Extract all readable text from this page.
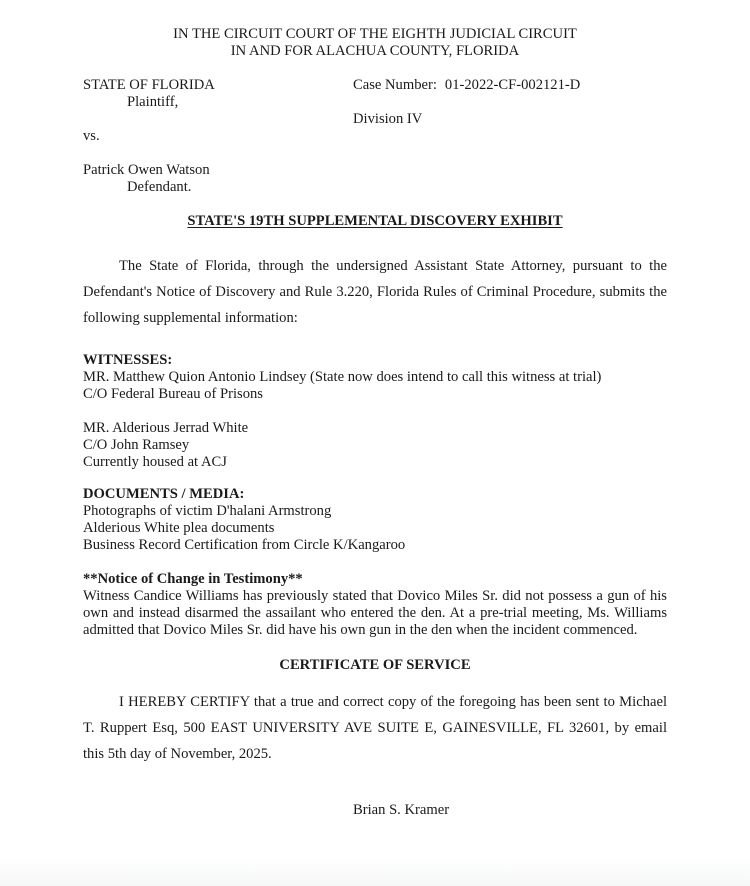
IN THE CIRCUIT COURT OF THE EIGHTH JUDICIAL CIRCUIT
IN AND FOR ALACHUA COUNTY, FLORIDA
STATE OF FLORIDA
Plaintiff,
vs.
Patrick Owen Watson
Defendant.
Case Number: 01-2022-CF-002121-D
Division IV
STATE'S 19TH SUPPLEMENTAL DISCOVERY EXHIBIT
The State of Florida, through the undersigned Assistant State Attorney, pursuant to the Defendant's Notice of Discovery and Rule 3.220, Florida Rules of Criminal Procedure, submits the following supplemental information:
WITNESSES:
MR. Matthew Quion Antonio Lindsey (State now does intend to call this witness at trial)
C/O Federal Bureau of Prisons
MR. Alderious Jerrad White
C/O John Ramsey
Currently housed at ACJ
DOCUMENTS / MEDIA:
Photographs of victim D'halani Armstrong
Alderious White plea documents
Business Record Certification from Circle K/Kangaroo
**Notice of Change in Testimony**
Witness Candice Williams has previously stated that Dovico Miles Sr. did not possess a gun of his own and instead disarmed the assailant who entered the den. At a pre-trial meeting, Ms. Williams admitted that Dovico Miles Sr. did have his own gun in the den when the incident commenced.
CERTIFICATE OF SERVICE
I HEREBY CERTIFY that a true and correct copy of the foregoing has been sent to Michael T. Ruppert Esq, 500 EAST UNIVERSITY AVE SUITE E, GAINESVILLE, FL 32601, by email this 5th day of November, 2025.
Brian S. Kramer
